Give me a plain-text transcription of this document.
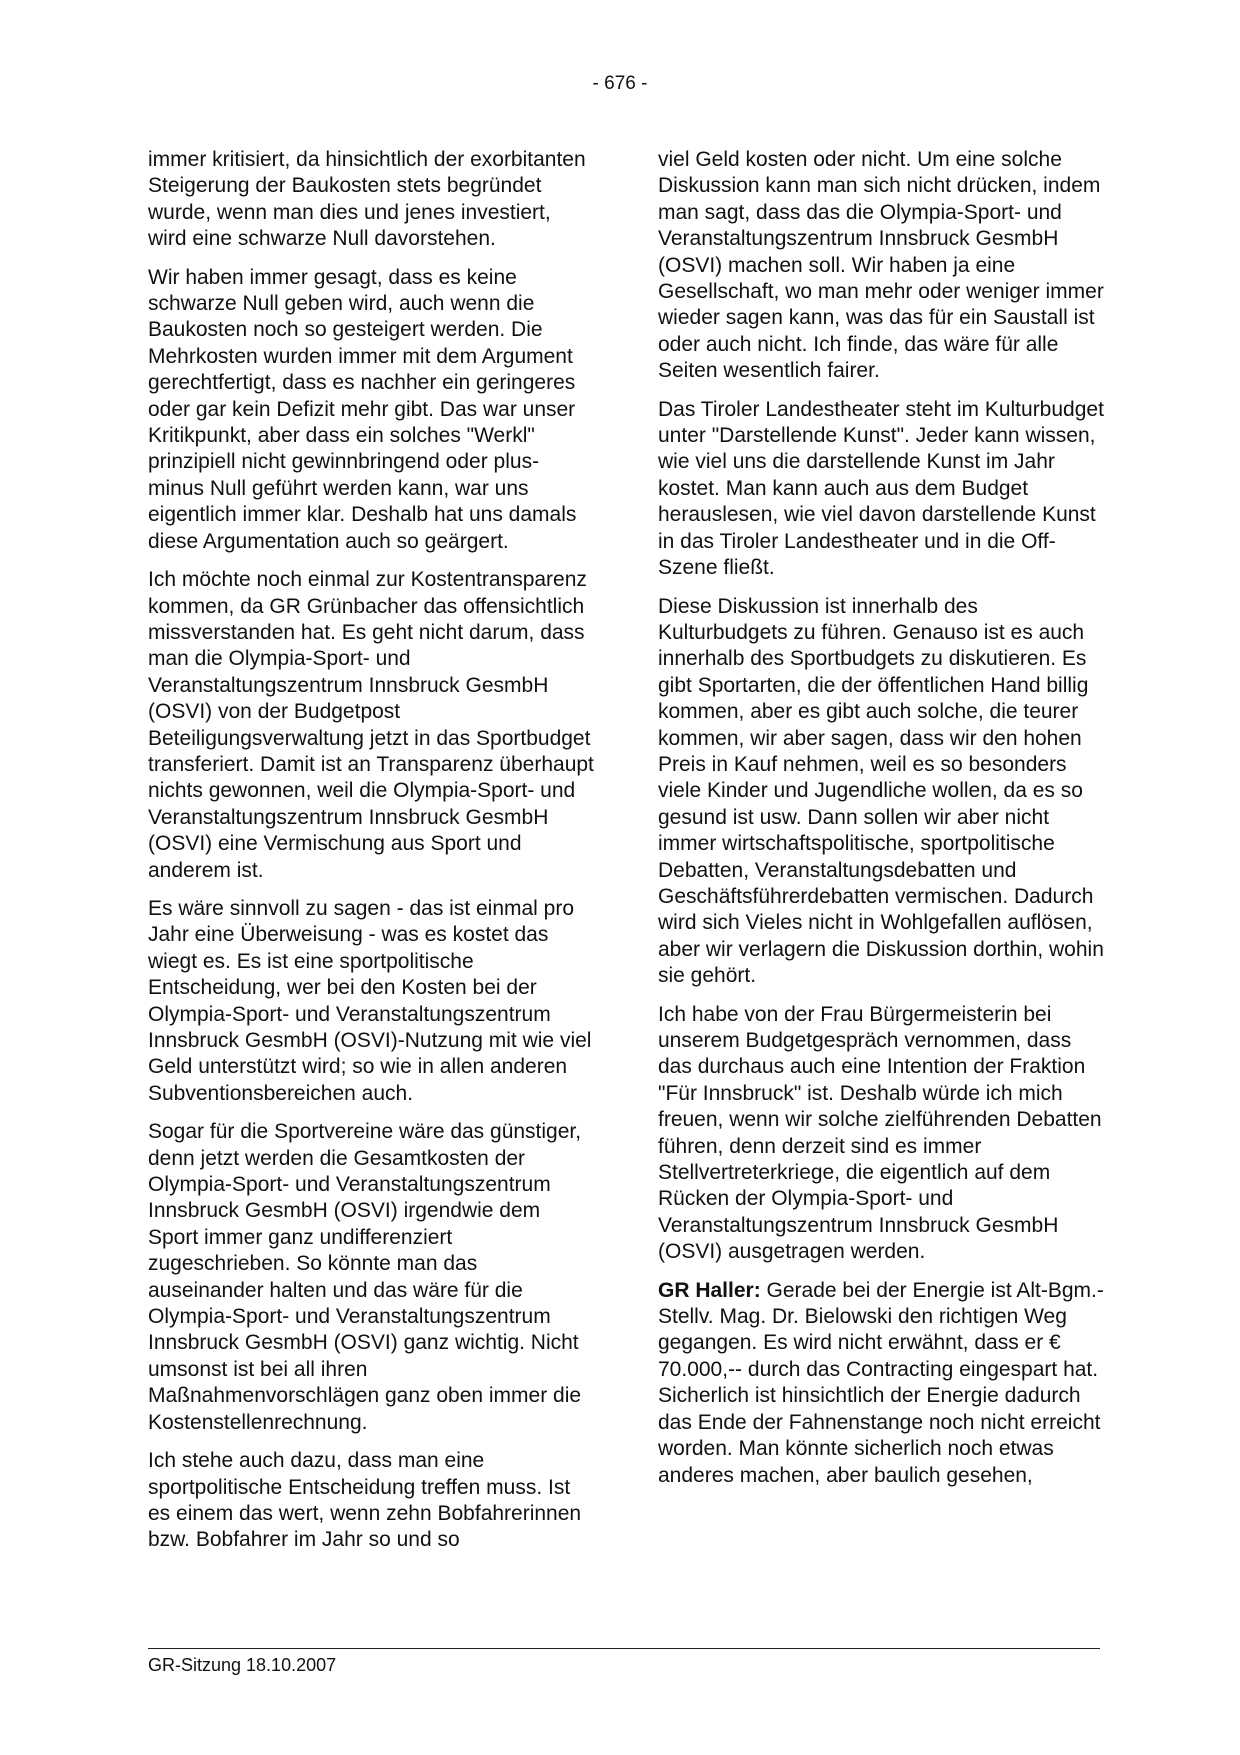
- 676 -

immer kritisiert, da hinsichtlich der exorbitanten Steigerung der Baukosten stets begründet wurde, wenn man dies und jenes investiert, wird eine schwarze Null davorstehen.

Wir haben immer gesagt, dass es keine schwarze Null geben wird, auch wenn die Baukosten noch so gesteigert werden. Die Mehrkosten wurden immer mit dem Argument gerechtfertigt, dass es nachher ein geringeres oder gar kein Defizit mehr gibt. Das war unser Kritikpunkt, aber dass ein solches "Werkl" prinzipiell nicht gewinnbringend oder plus-minus Null geführt werden kann, war uns eigentlich immer klar. Deshalb hat uns damals diese Argumentation auch so geärgert.

Ich möchte noch einmal zur Kostentransparenz kommen, da GR Grünbacher das offensichtlich missverstanden hat. Es geht nicht darum, dass man die Olympia-Sport- und Veranstaltungszentrum Innsbruck GesmbH (OSVI) von der Budgetpost Beteiligungsverwaltung jetzt in das Sportbudget transferiert. Damit ist an Transparenz überhaupt nichts gewonnen, weil die Olympia-Sport- und Veranstaltungszentrum Innsbruck GesmbH (OSVI) eine Vermischung aus Sport und anderem ist.

Es wäre sinnvoll zu sagen - das ist einmal pro Jahr eine Überweisung - was es kostet das wiegt es. Es ist eine sportpolitische Entscheidung, wer bei den Kosten bei der Olympia-Sport- und Veranstaltungszentrum Innsbruck GesmbH (OSVI)-Nutzung mit wie viel Geld unterstützt wird; so wie in allen anderen Subventionsbereichen auch.

Sogar für die Sportvereine wäre das günstiger, denn jetzt werden die Gesamtkosten der Olympia-Sport- und Veranstaltungszentrum Innsbruck GesmbH (OSVI) irgendwie dem Sport immer ganz undifferenziert zugeschrieben. So könnte man das auseinander halten und das wäre für die Olympia-Sport- und Veranstaltungszentrum Innsbruck GesmbH (OSVI) ganz wichtig. Nicht umsonst ist bei all ihren Maßnahmenvorschlägen ganz oben immer die Kostenstellenrechnung.

Ich stehe auch dazu, dass man eine sportpolitische Entscheidung treffen muss. Ist es einem das wert, wenn zehn Bobfahrerinnen bzw. Bobfahrer im Jahr so und so

viel Geld kosten oder nicht. Um eine solche Diskussion kann man sich nicht drücken, indem man sagt, dass das die Olympia-Sport- und Veranstaltungszentrum Innsbruck GesmbH (OSVI) machen soll. Wir haben ja eine Gesellschaft, wo man mehr oder weniger immer wieder sagen kann, was das für ein Saustall ist oder auch nicht. Ich finde, das wäre für alle Seiten wesentlich fairer.

Das Tiroler Landestheater steht im Kulturbudget unter "Darstellende Kunst". Jeder kann wissen, wie viel uns die darstellende Kunst im Jahr kostet. Man kann auch aus dem Budget herauslesen, wie viel davon darstellende Kunst in das Tiroler Landestheater und in die Off-Szene fließt.

Diese Diskussion ist innerhalb des Kulturbudgets zu führen. Genauso ist es auch innerhalb des Sportbudgets zu diskutieren. Es gibt Sportarten, die der öffentlichen Hand billig kommen, aber es gibt auch solche, die teurer kommen, wir aber sagen, dass wir den hohen Preis in Kauf nehmen, weil es so besonders viele Kinder und Jugendliche wollen, da es so gesund ist usw. Dann sollen wir aber nicht immer wirtschaftspolitische, sportpolitische Debatten, Veranstaltungsdebatten und Geschäftsführerdebatten vermischen. Dadurch wird sich Vieles nicht in Wohlgefallen auflösen, aber wir verlagern die Diskussion dorthin, wohin sie gehört.

Ich habe von der Frau Bürgermeisterin bei unserem Budgetgespräch vernommen, dass das durchaus auch eine Intention der Fraktion "Für Innsbruck" ist. Deshalb würde ich mich freuen, wenn wir solche zielführenden Debatten führen, denn derzeit sind es immer Stellvertreterkriege, die eigentlich auf dem Rücken der Olympia-Sport- und Veranstaltungszentrum Innsbruck GesmbH (OSVI) ausgetragen werden.

GR Haller: Gerade bei der Energie ist Alt-Bgm.-Stellv. Mag. Dr. Bielowski den richtigen Weg gegangen. Es wird nicht erwähnt, dass er € 70.000,-- durch das Contracting eingespart hat. Sicherlich ist hinsichtlich der Energie dadurch das Ende der Fahnenstange noch nicht erreicht worden. Man könnte sicherlich noch etwas anderes machen, aber baulich gesehen,

GR-Sitzung 18.10.2007
